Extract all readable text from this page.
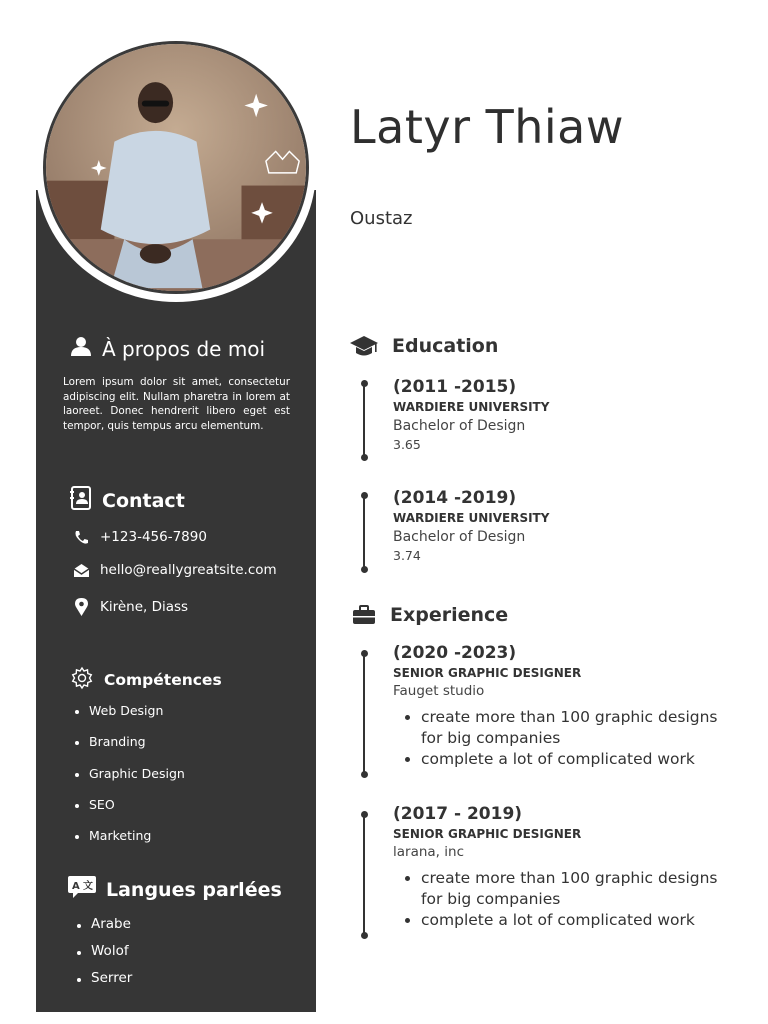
À propos de moi

Lorem ipsum dolor sit amet, consectetur adipiscing elit. Nullam pharetra in lorem at laoreet. Donec hendrerit libero eget est tempor, quis tempus arcu elementum.

Contact
+123-456-7890
hello@reallygreatsite.com
Kirène, Diass
Compétences
Web Design
Branding
Graphic Design
SEO
Marketing
A 文 Langues parlées
Arabe
Wolof
Serrer
Latyr Thiaw
Oustaz
Education
(2011 -2015)
WARDIERE UNIVERSITY
Bachelor of Design
3.65
(2014 -2019)
WARDIERE UNIVERSITY
Bachelor of Design
3.74
Experience
(2020 -2023)
SENIOR GRAPHIC DESIGNER
Fauget studio
• create more than 100 graphic designs for big companies
• complete a lot of complicated work
(2017 - 2019)
SENIOR GRAPHIC DESIGNER
larana, inc
• create more than 100 graphic designs for big companies
• complete a lot of complicated work
